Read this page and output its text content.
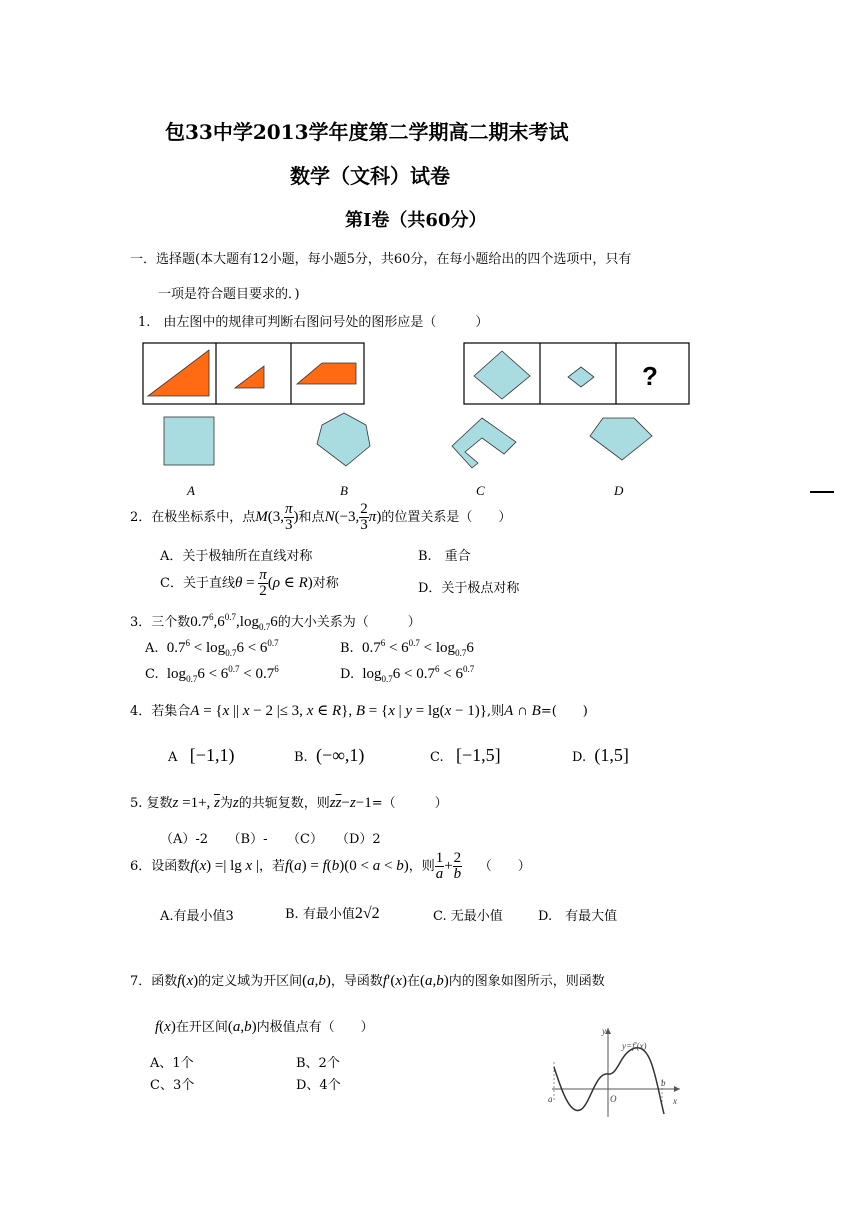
包33中学2013学年度第二学期高二期末考试
数学（文科）试卷
第Ⅰ卷（共60分）
一．选择题(本大题有12小题，每小题5分，共60分，在每小题给出的四个选项中，只有
一项是符合题目要求的．)
1.　由左图中的规律可判断右图问号处的图形应是（　　　）
?
A	B	C	D
2．在极坐标系中，点M(3, $\frac{\pi}{3}$ )和点N(−3, $\frac{2}{3} \pi$)的位置关系是（　　）
A．关于极轴所在直线对称	B.　重合
C．关于直线$\theta = \frac{\pi}{2} (\rho$ ∈ R)对称	D．关于极点对称
3．三个数$0.7^6,6^{0.7},\log_{0.7}6$的大小关系为（　　　）
A. $0.7^6 < \log_{0.7}6 < 6^{0.7}$	B. $0.7^6 < 6^{0.7} < \log_{0.7}6$
C. $\log_{0.7}6 < 6^{0.7} < 0.7^6$	D. $\log_{0.7}6 < 0.7^6 < 6^{0.7}$
4．若集合A = {x || x − 2 |≤ 3, x ∈ R}, B = {x | y = lg(x − 1)},则A ∩ B=(　　)
A [−1,1)	B. (−∞,1)	C. [−1,5]	D. (1,5]
5. 复数z =1+, $\overline{z}$为z的共轭复数，则$z\overline{z}-z-1=$（　　　）
（A）-2　　（B）-　　（C）　　（D）2
6．设函数f(x) =| lg x |，若f(a) = f(b)(0 < a < b)，则 $\frac{1}{a} + \frac{2}{b}$ （　　）
A.有最小值3	B. 有最小值2√2	C. 无最小值	D.　有最大值
7．函数f(x)的定义域为开区间(a,b)，导函数f′(x)在(a,b)内的图象如图所示，则函数
f(x)在开区间(a,b)内极值点有（　　）
A、1个	B、2个
C、3个	D、4个
y
y=f′(x)
a	O
b
x
